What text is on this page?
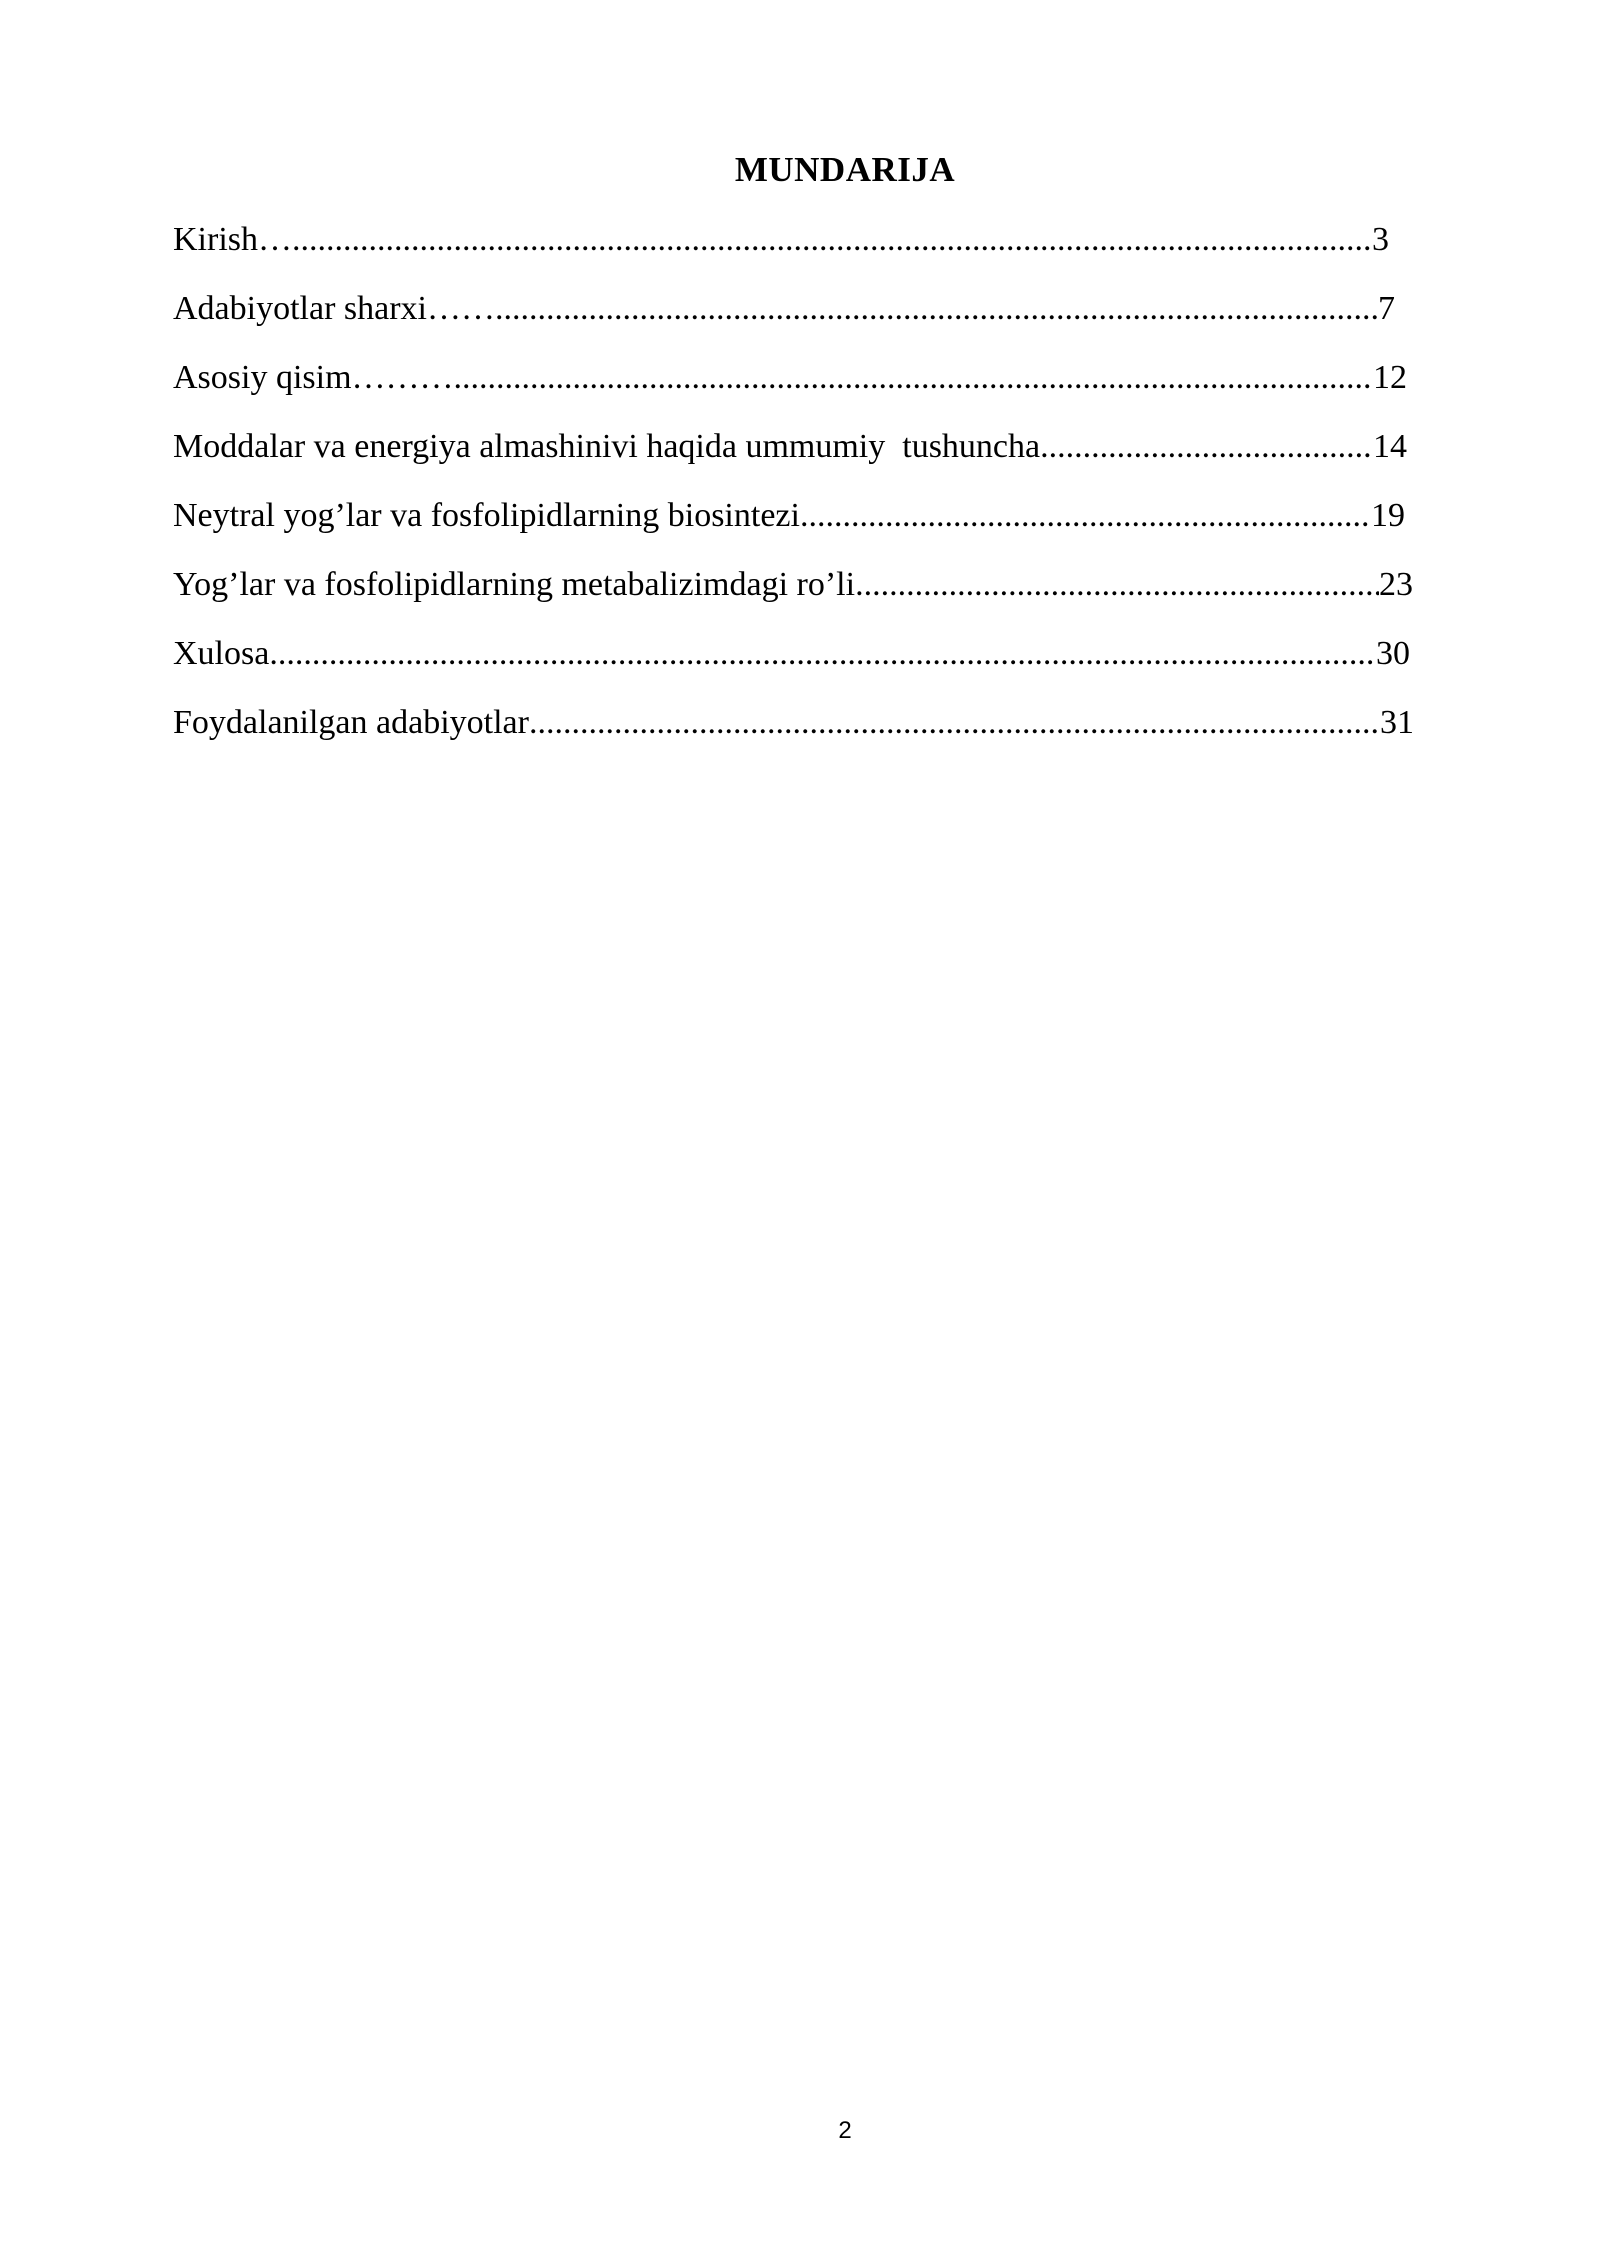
MUNDARIJA
Kirish… .....	3
Adabiyotlar sharxi…… .....	7
Asosiy qisim……… .....	12
Moddalar va energiya almashinivi haqida ummumiy  tushuncha .....	14
Neytral yog’lar va fosfolipidlarning biosintezi .....	19
Yog’lar va fosfolipidlarning metabalizimdagi ro’li .....	23
Xulosa .....	30
Foydalanilgan adabiyotlar .....	31
2
